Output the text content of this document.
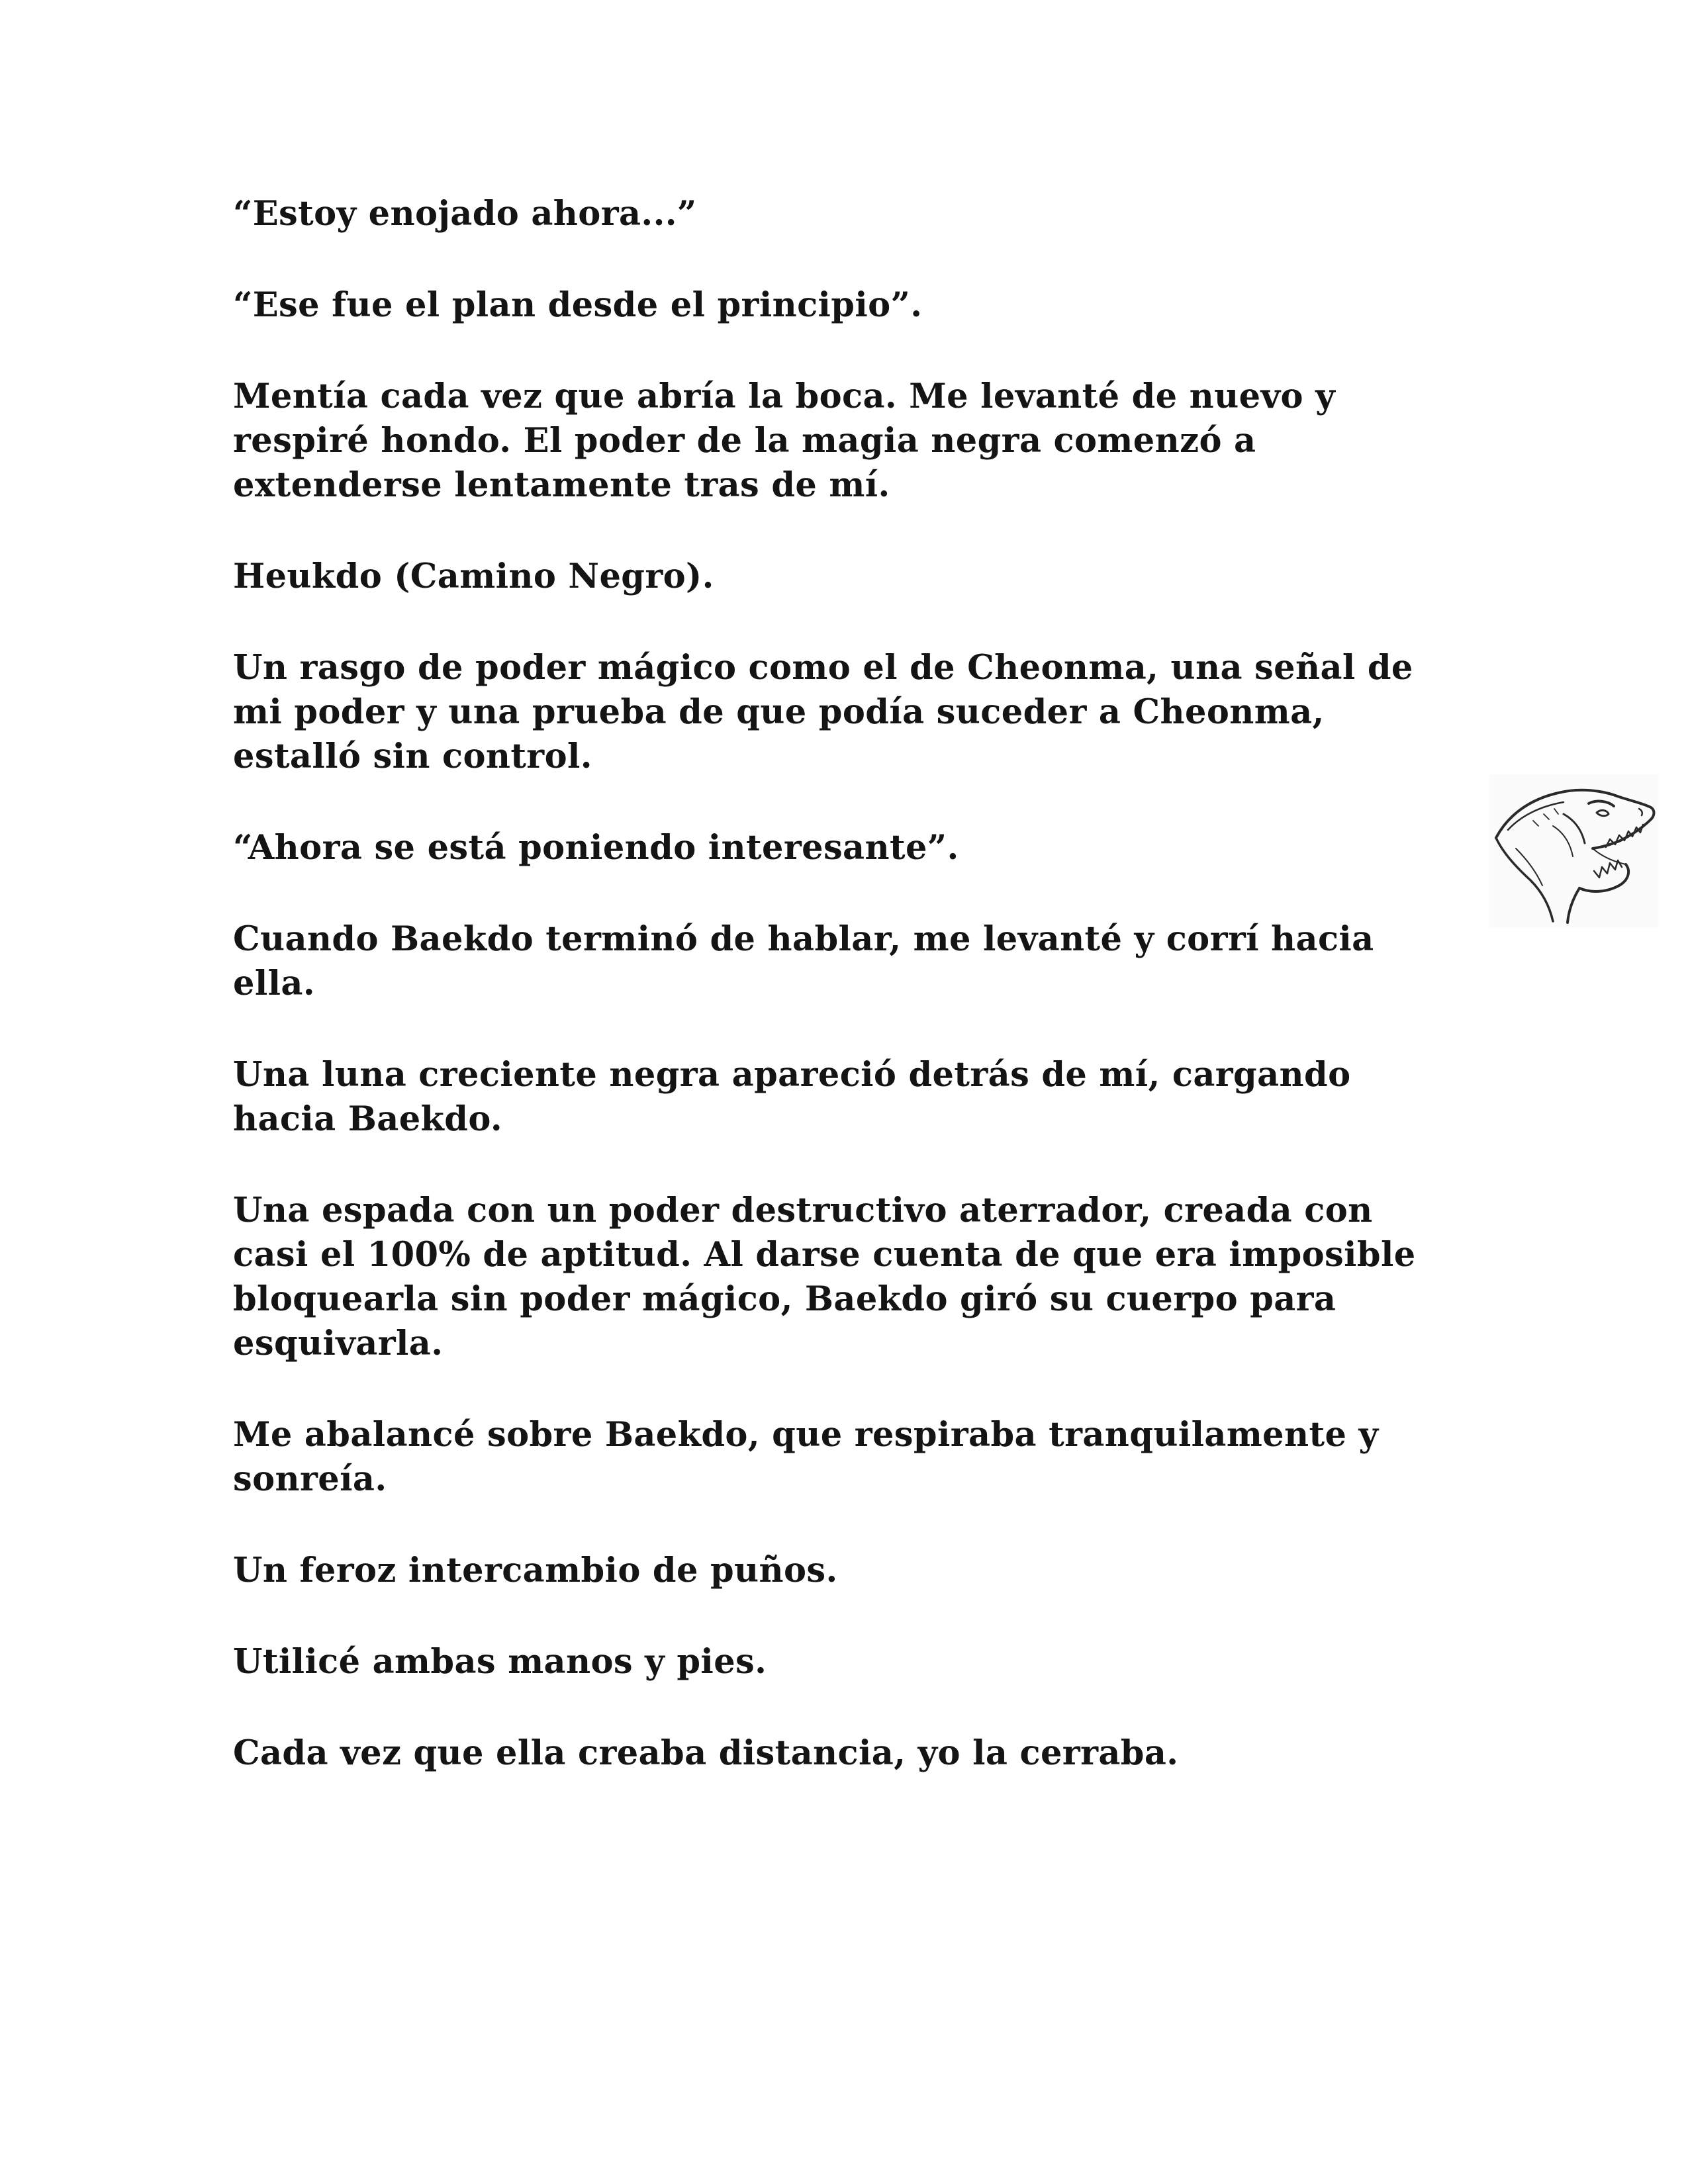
“Estoy enojado ahora...”

“Ese fue el plan desde el principio”.

Mentía cada vez que abría la boca. Me levanté de nuevo y respiré hondo. El poder de la magia negra comenzó a extenderse lentamente tras de mí.

Heukdo (Camino Negro).

Un rasgo de poder mágico como el de Cheonma, una señal de mi poder y una prueba de que podía suceder a Cheonma, estalló sin control.

“Ahora se está poniendo interesante”.

Cuando Baekdo terminó de hablar, me levanté y corrí hacia ella.

Una luna creciente negra apareció detrás de mí, cargando hacia Baekdo.

Una espada con un poder destructivo aterrador, creada con casi el 100% de aptitud. Al darse cuenta de que era imposible bloquearla sin poder mágico, Baekdo giró su cuerpo para esquivarla.

Me abalancé sobre Baekdo, que respiraba tranquilamente y sonreía.

Un feroz intercambio de puños.

Utilicé ambas manos y pies.

Cada vez que ella creaba distancia, yo la cerraba.
